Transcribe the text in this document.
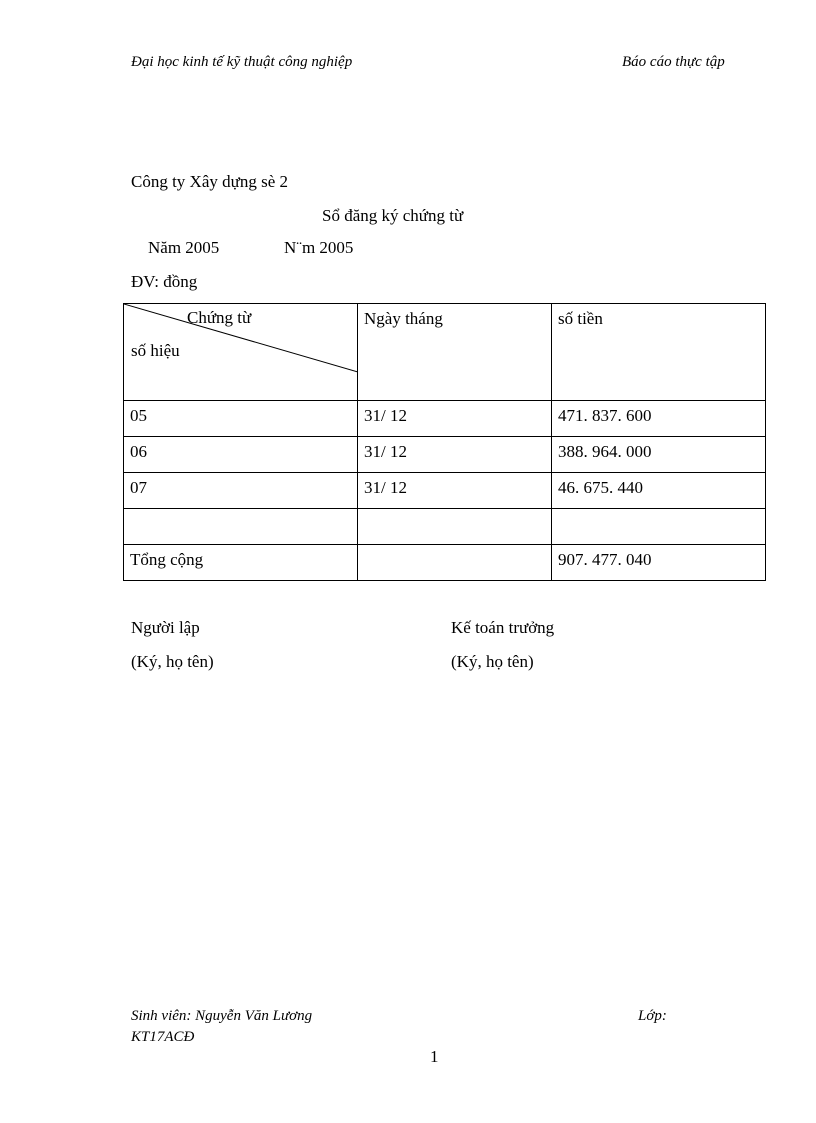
Đại học kinh tế kỹ thuật công nghiệp	Báo cáo thực tập
Công ty Xây dựng sè 2
Sổ đăng ký chứng từ
Năm 2005	N¨m 2005
ĐV: đồng
Chứng từ
số hiệu	Ngày tháng	số tiền
05	31/ 12	471. 837. 600
06	31/ 12	388. 964. 000
07	31/ 12	46. 675. 440

Tổng cộng		907. 477. 040
Người lập
(Ký, họ tên)
Kế toán trưởng
(Ký, họ tên)
Sinh viên: Nguyễn Văn Lương	Lớp:
KT17ACĐ
1
